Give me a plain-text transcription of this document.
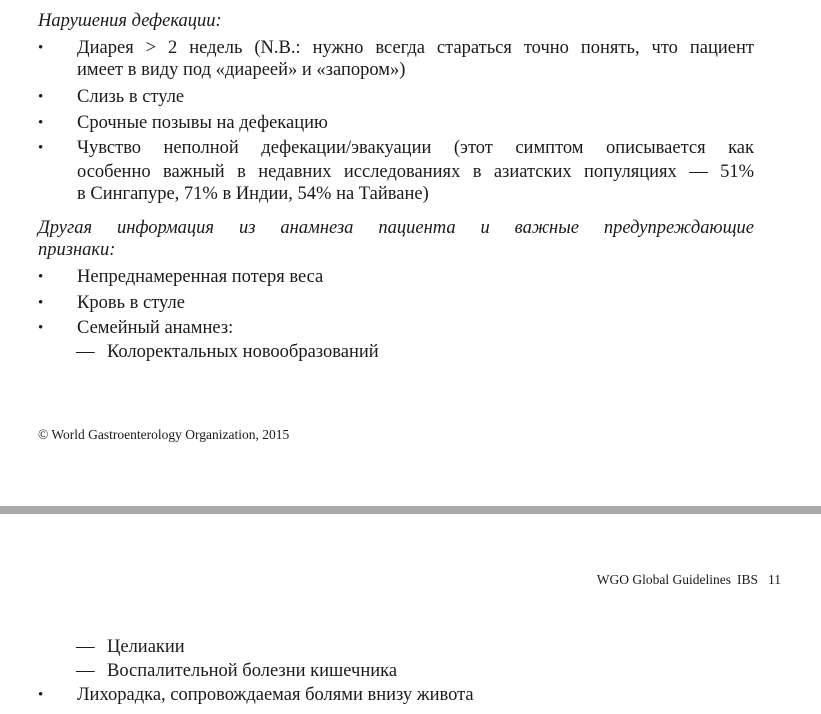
Нарушения дефекации:
•	Диарея > 2 недель (N.B.: нужно всегда стараться точно понять, что пациент
имеет в виду под «диареей» и «запором»)
•	Слизь в стуле
•	Срочные позывы на дефекацию
•	Чувство неполной дефекации/эвакуации (этот симптом описывается как
особенно важный в недавних исследованиях в азиатских популяциях — 51%
в Сингапуре, 71% в Индии, 54% на Тайване)
Другая информация из анамнеза пациента и важные предупреждающие
признаки:
•	Непреднамеренная потеря веса
•	Кровь в стуле
•	Семейный анамнез:
— Колоректальных новообразований
© World Gastroenterology Organization, 2015
WGO Global Guidelines IBS 11
— Целиакии
— Воспалительной болезни кишечника
•	Лихорадка, сопровождаемая болями внизу живота
